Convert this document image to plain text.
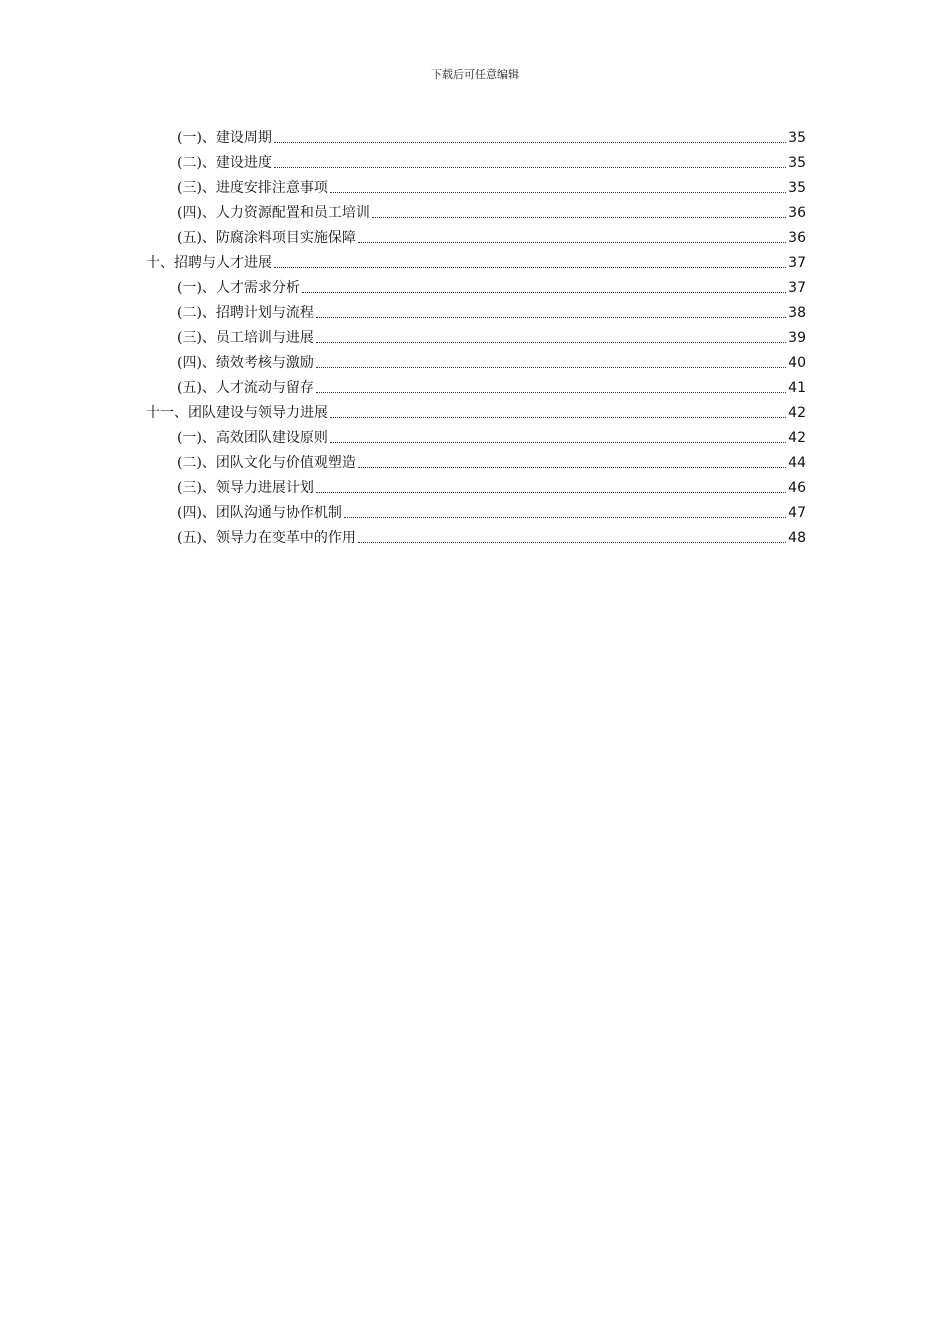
下载后可任意编辑
(一)、建设周期	35
(二)、建设进度	35
(三)、进度安排注意事项	35
(四)、人力资源配置和员工培训	36
(五)、防腐涂料项目实施保障	36
十、招聘与人才进展	37
(一)、人才需求分析	37
(二)、招聘计划与流程	38
(三)、员工培训与进展	39
(四)、绩效考核与激励	40
(五)、人才流动与留存	41
十一、团队建设与领导力进展	42
(一)、高效团队建设原则	42
(二)、团队文化与价值观塑造	44
(三)、领导力进展计划	46
(四)、团队沟通与协作机制	47
(五)、领导力在变革中的作用	48
